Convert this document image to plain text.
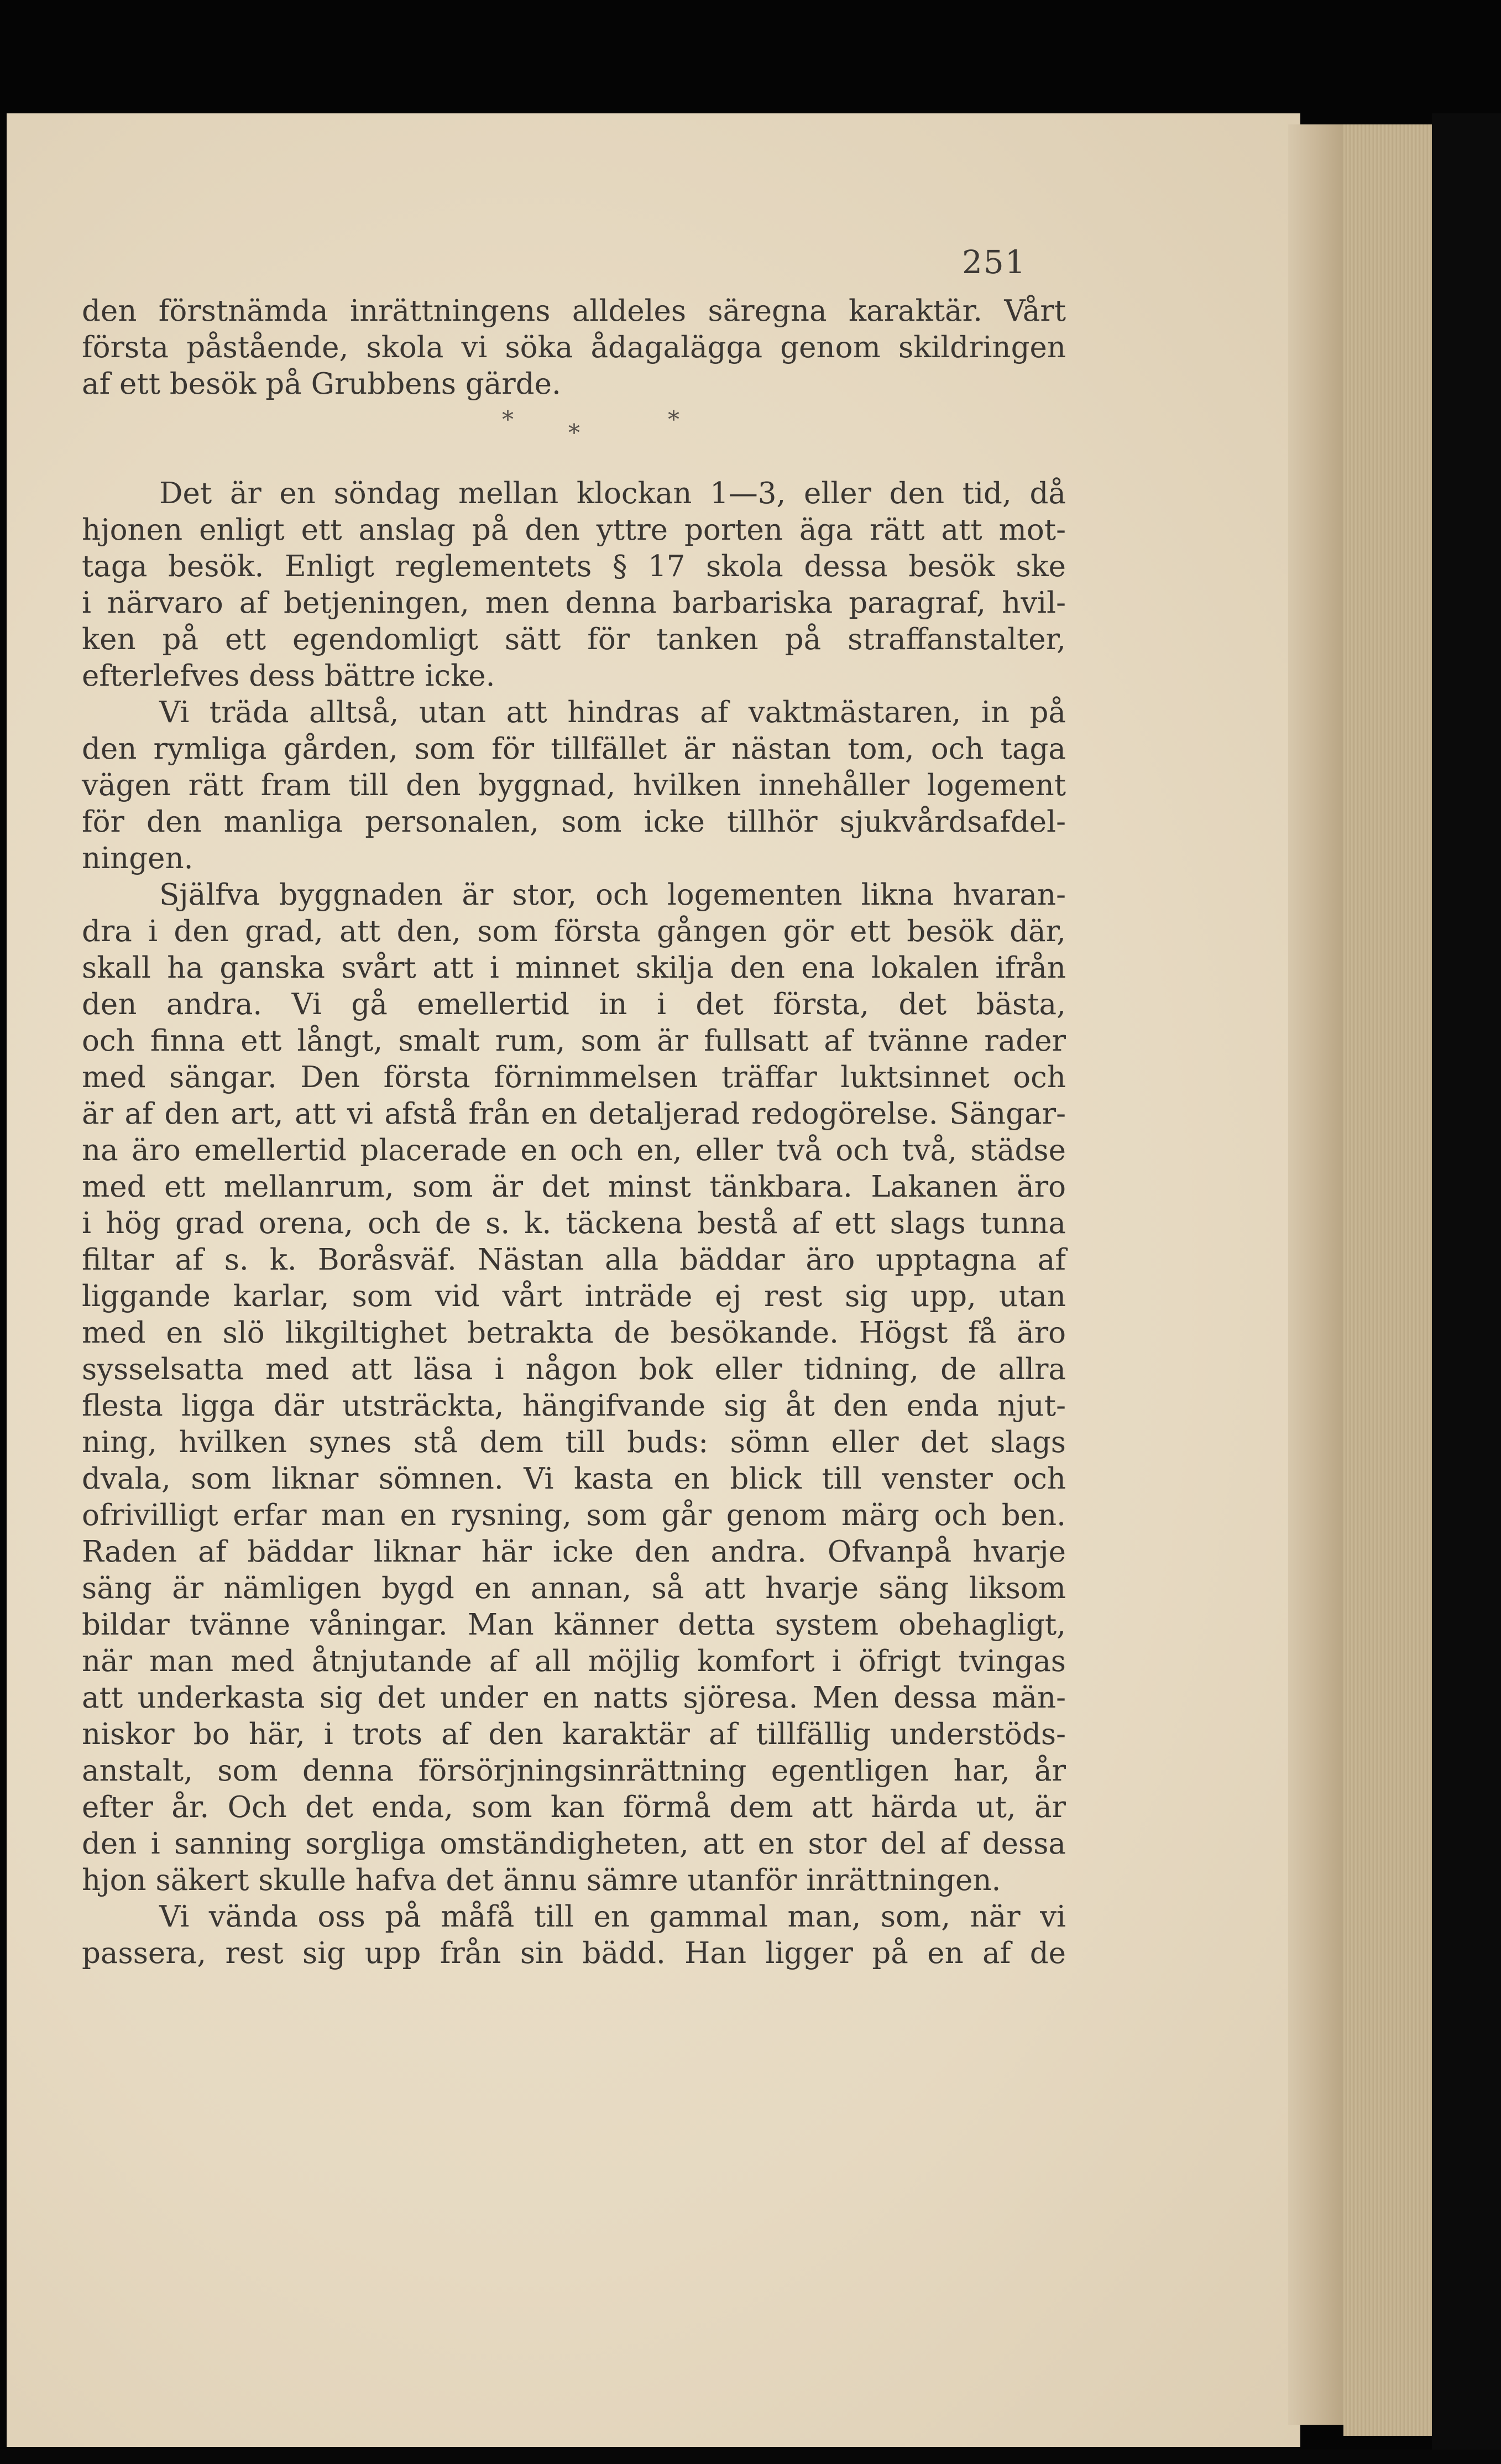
251
den förstnämda inrättningens alldeles säregna karaktär. Vårt
första påstående, skola vi söka ådagalägga genom skildringen
af ett besök på Grubbens gärde.
*	*
*
Det är en söndag mellan klockan 1—3, eller den tid, då
hjonen enligt ett anslag på den yttre porten äga rätt att mot-
taga besök. Enligt reglementets § 17 skola dessa besök ske
i närvaro af betjeningen, men denna barbariska paragraf, hvil-
ken på ett egendomligt sätt för tanken på straffanstalter,
efterlefves dess bättre icke.
Vi träda alltså, utan att hindras af vaktmästaren, in på
den rymliga gården, som för tillfället är nästan tom, och taga
vägen rätt fram till den byggnad, hvilken innehåller logement
för den manliga personalen, som icke tillhör sjukvårdsafdel-
ningen.
Själfva byggnaden är stor, och logementen likna hvaran-
dra i den grad, att den, som första gången gör ett besök där,
skall ha ganska svårt att i minnet skilja den ena lokalen ifrån
den andra. Vi gå emellertid in i det första, det bästa,
och finna ett långt, smalt rum, som är fullsatt af tvänne rader
med sängar. Den första förnimmelsen träffar luktsinnet och
är af den art, att vi afstå från en detaljerad redogörelse. Sängar-
na äro emellertid placerade en och en, eller två och två, städse
med ett mellanrum, som är det minst tänkbara. Lakanen äro
i hög grad orena, och de s. k. täckena bestå af ett slags tunna
filtar af s. k. Boråsväf. Nästan alla bäddar äro upptagna af
liggande karlar, som vid vårt inträde ej rest sig upp, utan
med en slö likgiltighet betrakta de besökande. Högst få äro
sysselsatta med att läsa i någon bok eller tidning, de allra
flesta ligga där utsträckta, hängifvande sig åt den enda njut-
ning, hvilken synes stå dem till buds: sömn eller det slags
dvala, som liknar sömnen. Vi kasta en blick till venster och
ofrivilligt erfar man en rysning, som går genom märg och ben.
Raden af bäddar liknar här icke den andra. Ofvanpå hvarje
säng är nämligen bygd en annan, så att hvarje säng liksom
bildar tvänne våningar. Man känner detta system obehagligt,
när man med åtnjutande af all möjlig komfort i öfrigt tvingas
att underkasta sig det under en natts sjöresa. Men dessa män-
niskor bo här, i trots af den karaktär af tillfällig understöds-
anstalt, som denna försörjningsinrättning egentligen har, år
efter år. Och det enda, som kan förmå dem att härda ut, är
den i sanning sorgliga omständigheten, att en stor del af dessa
hjon säkert skulle hafva det ännu sämre utanför inrättningen.
Vi vända oss på måfå till en gammal man, som, när vi
passera, rest sig upp från sin bädd. Han ligger på en af de
